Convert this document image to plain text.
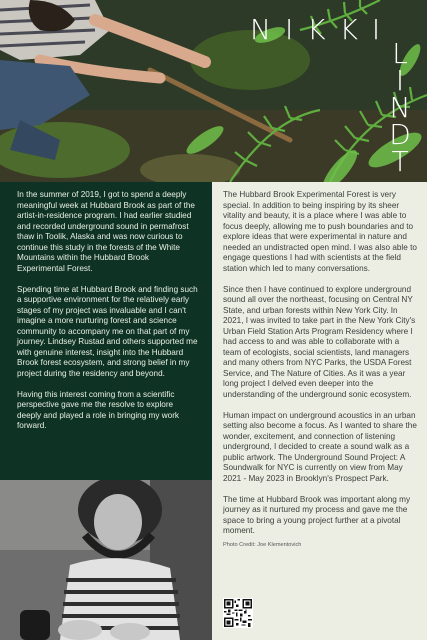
NIKKI
L
I
N
D
T

In the summer of 2019, I got to spend a deeply meaningful week at Hubbard Brook as part of the artist-in-residence program. I had earlier studied and recorded underground sound in permafrost thaw in Toolik, Alaska and was now curious to continue this study in the forests of the White Mountains within the Hubbard Brook Experimental Forest.

Spending time at Hubbard Brook and finding such a supportive environment for the relatively early stages of my project was invaluable and I can't imagine a more nurturing forest and science community to accompany me on that part of my journey. Lindsey Rustad and others supported me with genuine interest, insight into the Hubbard Brook forest ecosystem, and strong belief in my project during the residency and beyond.

Having this interest coming from a scientific perspective gave me the resolve to explore deeply and played a role in bringing my work forward.

The Hubbard Brook Experimental Forest is very special. In addition to being inspiring by its sheer vitality and beauty, it is a place where I was able to focus deeply, allowing me to push boundaries and to explore ideas that were experimental in nature and needed an undistracted open mind. I was also able to engage questions I had with scientists at the field station which led to many conversations.

Since then I have continued to explore underground sound all over the northeast, focusing on Central NY State, and urban forests within New York City. In 2021, I was invited to take part in the New York City's Urban Field Station Arts Program Residency where I had access to and was able to collaborate with a team of ecologists, social scientists, land managers and many others from NYC Parks, the USDA Forest Service, and The Nature of Cities. As it was a year long project I delved even deeper into the understanding of the underground sonic ecosystem.

Human impact on underground acoustics in an urban setting also become a focus. As I wanted to share the wonder, excitement, and connection of listening underground, I decided to create a sound walk as a public artwork. The Underground Sound Project: A Soundwalk for NYC is currently on view from May 2021 - May 2023 in Brooklyn's Prospect Park.

The time at Hubbard Brook was important along my journey as it nurtured my process and gave me the space to bring a young project further at a pivotal moment.

Photo Credit: Joe Klementovich
